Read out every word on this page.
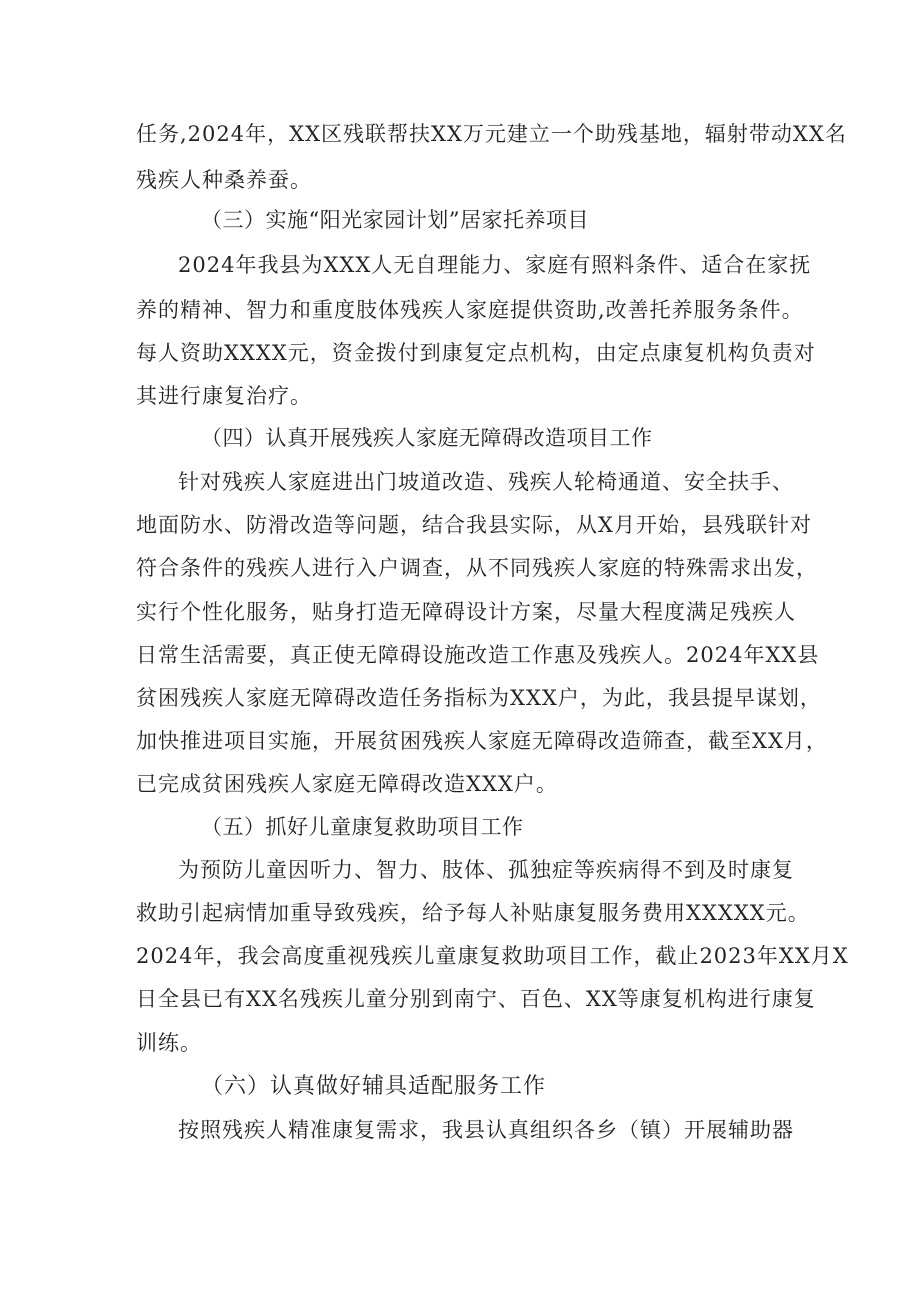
任务,2024年，XX区残联帮扶XX万元建立一个助残基地，辐射带动XX名
残疾人种桑养蚕。
（三）实施“阳光家园计划”居家托养项目
2024年我县为XXX人无自理能力、家庭有照料条件、适合在家抚
养的精神、智力和重度肢体残疾人家庭提供资助,改善托养服务条件。
每人资助XXXX元，资金拨付到康复定点机构，由定点康复机构负责对
其进行康复治疗。
（四）认真开展残疾人家庭无障碍改造项目工作
针对残疾人家庭进出门坡道改造、残疾人轮椅通道、安全扶手、
地面防水、防滑改造等问题，结合我县实际，从X月开始，县残联针对
符合条件的残疾人进行入户调查，从不同残疾人家庭的特殊需求出发，
实行个性化服务，贴身打造无障碍设计方案，尽量大程度满足残疾人
日常生活需要，真正使无障碍设施改造工作惠及残疾人。2024年XX县
贫困残疾人家庭无障碍改造任务指标为XXX户，为此，我县提早谋划，
加快推进项目实施，开展贫困残疾人家庭无障碍改造筛查，截至XX月，
已完成贫困残疾人家庭无障碍改造XXX户。
（五）抓好儿童康复救助项目工作
为预防儿童因听力、智力、肢体、孤独症等疾病得不到及时康复
救助引起病情加重导致残疾，给予每人补贴康复服务费用XXXXX元。
2024年，我会高度重视残疾儿童康复救助项目工作，截止2023年XX月X
日全县已有XX名残疾儿童分别到南宁、百色、XX等康复机构进行康复
训练。
（六）认真做好辅具适配服务工作
按照残疾人精准康复需求，我县认真组织各乡（镇）开展辅助器
